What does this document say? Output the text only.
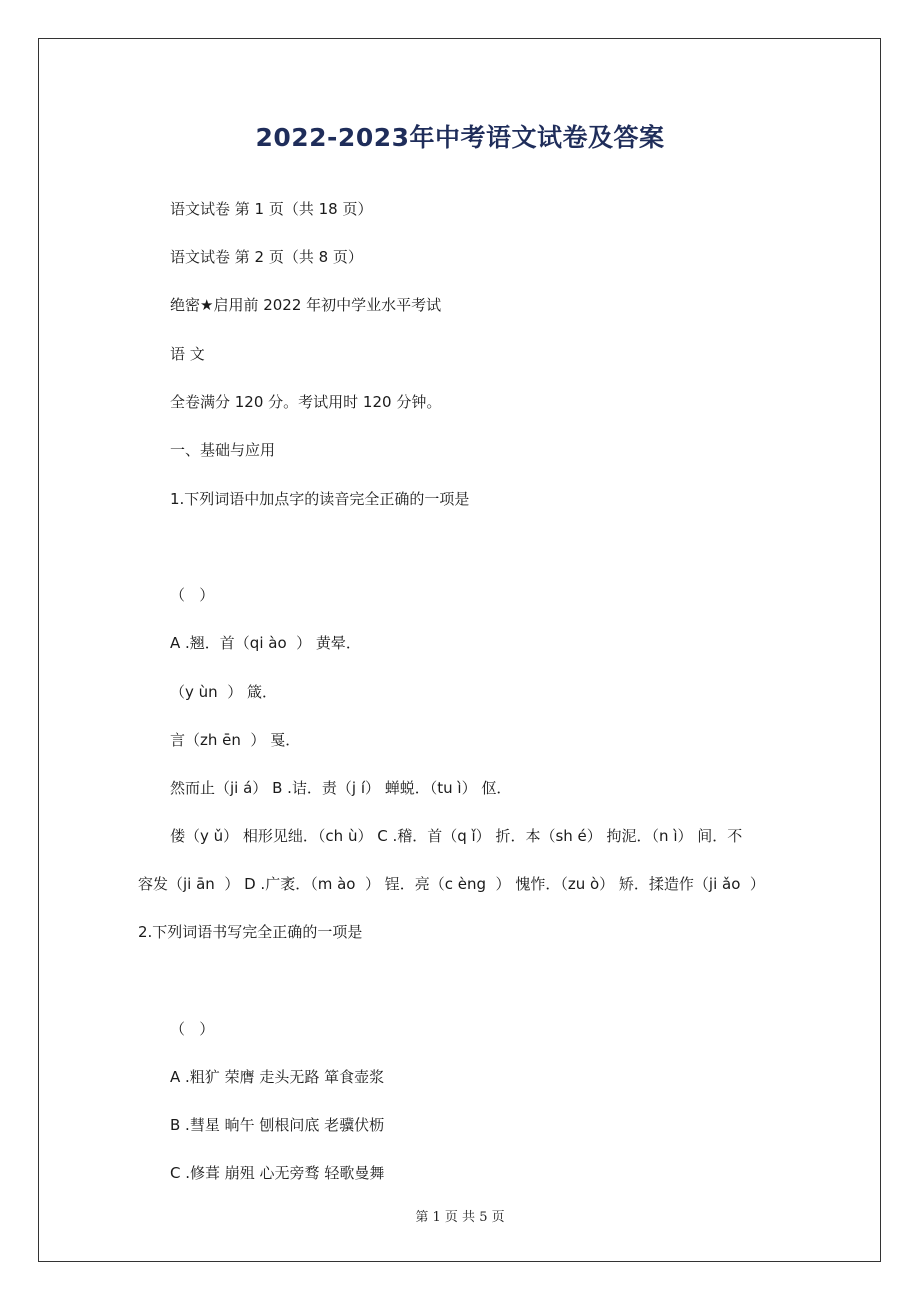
2022-2023年中考语文试卷及答案
语文试卷 第 1 页（共 18 页）
语文试卷 第 2 页（共 8 页）
绝密★启用前 2022 年初中学业水平考试
语 文
全卷满分 120 分。考试用时 120 分钟。
一、基础与应用
1.下列词语中加点字的读音完全正确的一项是
（   ）
A .翘．首（qi ào  ） 黄晕．
（y ùn  ） 箴．
言（zh ēn  ） 戛．
然而止（ji á） B .诘．责（j í） 蝉蜕．（tu ì） 伛．
偻（y ǔ） 相形见绌．（ch ù） C .稽．首（q ǐ） 折．本（sh é） 拘泥．（n ì） 间．不
容发（ji ān  ） D .广袤．（m ào  ） 锃．亮（c èng  ） 愧怍．（zu ò） 矫．揉造作（ji ǎo  ）
2.下列词语书写完全正确的一项是
（   ）
A .粗犷 荣膺 走头无路 箪食壶浆
B .彗星 晌午 刨根问底 老骥伏枥
C .修葺 崩殂 心无旁骛 轻歌曼舞
第 1 页 共 5 页
